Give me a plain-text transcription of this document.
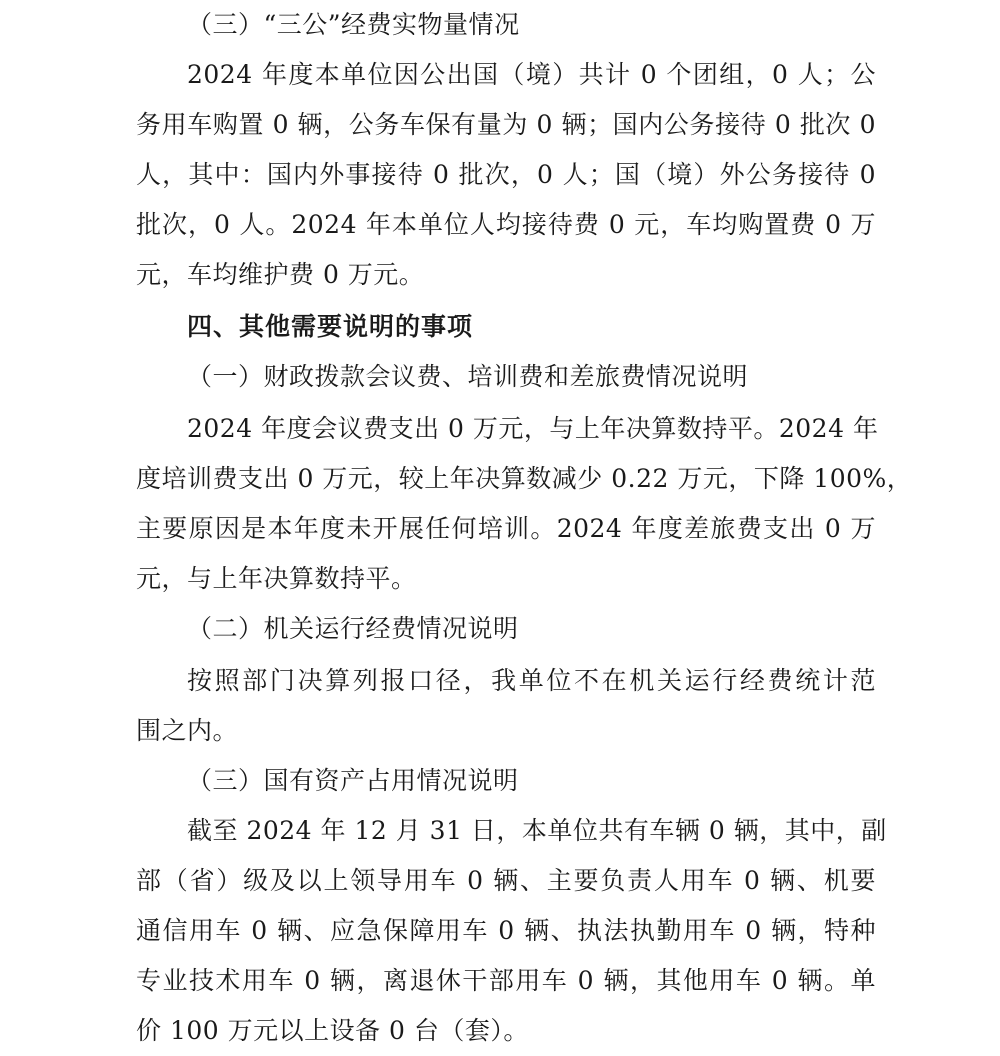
（三）“三公”经费实物量情况
2024 年度本单位因公出国（境）共计 0 个团组，0 人；公
务用车购置 0 辆，公务车保有量为 0 辆；国内公务接待 0 批次 0
人，其中：国内外事接待 0 批次，0 人；国（境）外公务接待 0
批次，0 人。2024 年本单位人均接待费 0 元，车均购置费 0 万
元，车均维护费 0 万元。
四、其他需要说明的事项
（一）财政拨款会议费、培训费和差旅费情况说明
2024 年度会议费支出 0 万元，与上年决算数持平。2024 年
度培训费支出 0 万元，较上年决算数减少 0.22 万元，下降 100%，
主要原因是本年度未开展任何培训。2024 年度差旅费支出 0 万
元，与上年决算数持平。
（二）机关运行经费情况说明
按照部门决算列报口径，我单位不在机关运行经费统计范
围之内。
（三）国有资产占用情况说明
截至 2024 年 12 月 31 日，本单位共有车辆 0 辆，其中，副
部（省）级及以上领导用车 0 辆、主要负责人用车 0 辆、机要
通信用车 0 辆、应急保障用车 0 辆、执法执勤用车 0 辆，特种
专业技术用车 0 辆，离退休干部用车 0 辆，其他用车 0 辆。单
价 100 万元以上设备 0 台（套）。
